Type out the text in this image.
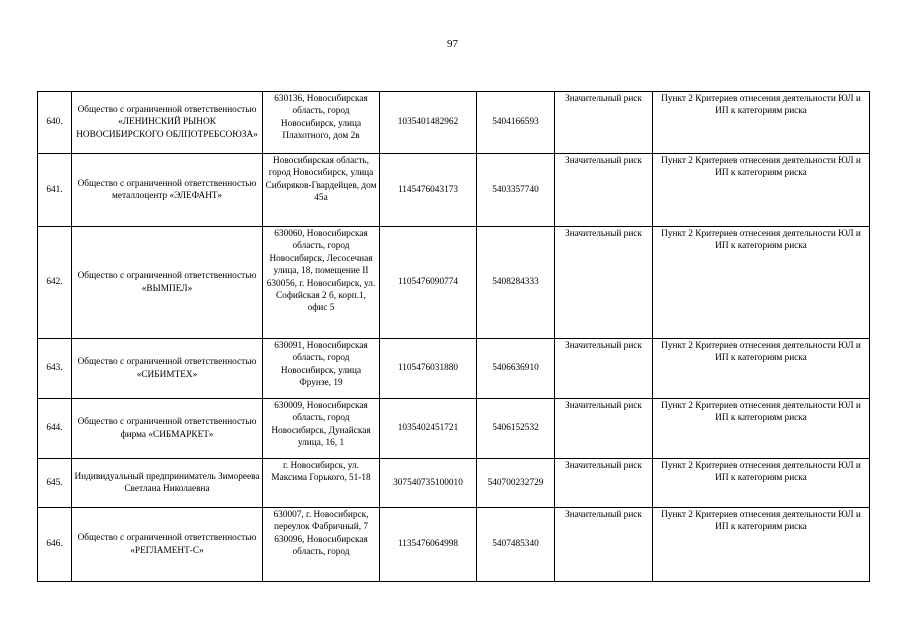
97
640.	Общество с ограниченной ответственностью «ЛЕНИНСКИЙ РЫНОК НОВОСИБИРСКОГО ОБЛПОТРЕБСОЮЗА»	630136, Новосибирская область, город Новосибирск, улица Плахотного, дом 2в	1035401482962	5404166593	Значительный риск	Пункт 2 Критериев отнесения деятельности ЮЛ и ИП к категориям риска
641.	Общество с ограниченной ответственностью металлоцентр «ЭЛЕФАНТ»	Новосибирская область, город Новосибирск, улица Сибиряков-Гвардейцев, дом 45а	1145476043173	5403357740	Значительный риск	Пункт 2 Критериев отнесения деятельности ЮЛ и ИП к категориям риска
642.	Общество с ограниченной ответственностью «ВЫМПЕЛ»	630060, Новосибирская область, город Новосибирск, Лесосечная улица, 18, помещение II 630056, г. Новосибирск, ул. Софийская 2 б, корп.1, офис 5	1105476090774	5408284333	Значительный риск	Пункт 2 Критериев отнесения деятельности ЮЛ и ИП к категориям риска
643.	Общество с ограниченной ответственностью «СИБИМТЕХ»	630091, Новосибирская область, город Новосибирск, улица Фрунзе, 19	1105476031880	5406636910	Значительный риск	Пункт 2 Критериев отнесения деятельности ЮЛ и ИП к категориям риска
644.	Общество с ограниченной ответственностью фирма «СИБМАРКЕТ»	630009, Новосибирская область, город Новосибирск, Дунайская улица, 16, 1	1035402451721	5406152532	Значительный риск	Пункт 2 Критериев отнесения деятельности ЮЛ и ИП к категориям риска
645.	Индивидуальный предприниматель Зимореева Светлана Николаевна	г. Новосибирск, ул. Максима Горького, 51-18	307540735100010	540700232729	Значительный риск	Пункт 2 Критериев отнесения деятельности ЮЛ и ИП к категориям риска
646.	Общество с ограниченной ответственностью «РЕГЛАМЕНТ-С»	630007, г. Новосибирск, переулок Фабричный, 7 630096, Новосибирская область, город	1135476064998	5407485340	Значительный риск	Пункт 2 Критериев отнесения деятельности ЮЛ и ИП к категориям риска
